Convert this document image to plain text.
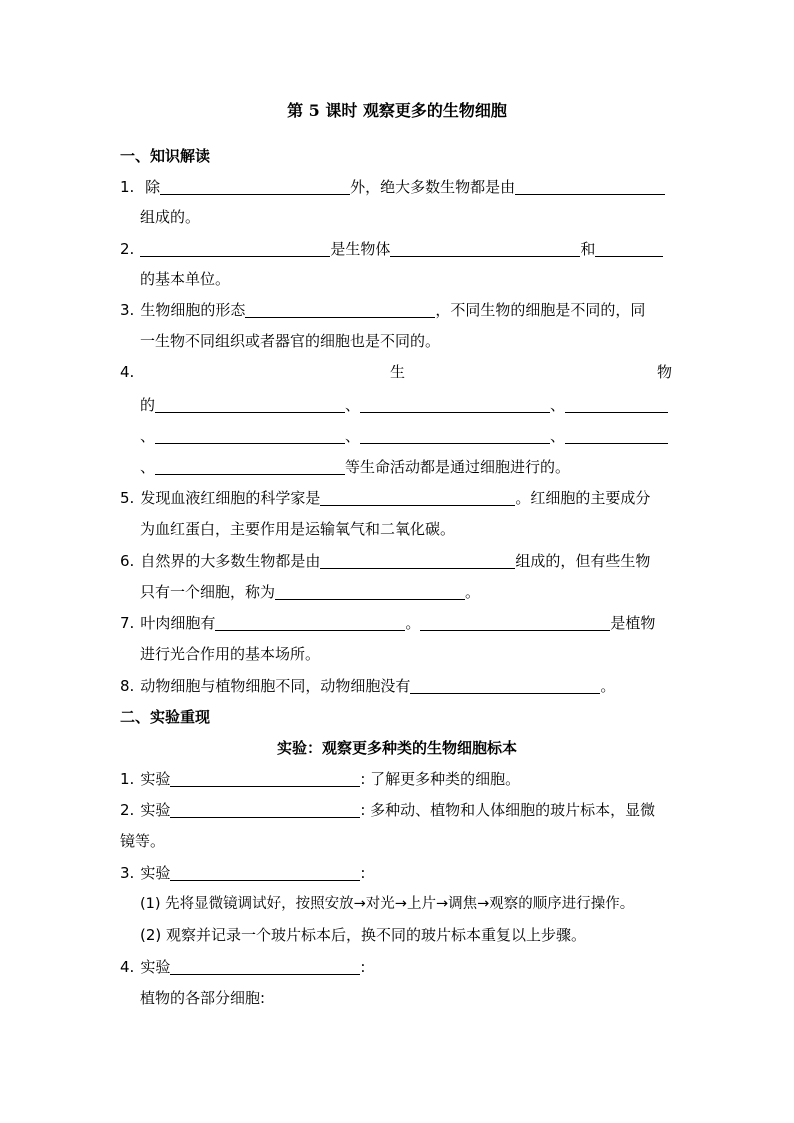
第 5 课时 观察更多的生物细胞
一、知识解读
1. 除	外，绝大多数生物都是由
组成的。
2.	是生物体	和
的基本单位。
3. 生物细胞的形态	，不同生物的细胞是不同的，同
一生物不同组织或者器官的细胞也是不同的。
4.	生	物
的	、	、
、	、	、
、	等生命活动都是通过细胞进行的。
5. 发现血液红细胞的科学家是	。红细胞的主要成分
为血红蛋白，主要作用是运输氧气和二氧化碳。
6. 自然界的大多数生物都是由	组成的，但有些生物
只有一个细胞，称为	。
7. 叶肉细胞有	。	是植物
进行光合作用的基本场所。
8. 动物细胞与植物细胞不同，动物细胞没有	。
二、实验重现
实验：观察更多种类的生物细胞标本
1. 实验	: 了解更多种类的细胞。
2. 实验	: 多种动、植物和人体细胞的玻片标本，显微
镜等。
3. 实验	:
(1) 先将显微镜调试好，按照安放→对光→上片→调焦→观察的顺序进行操作。
(2) 观察并记录一个玻片标本后，换不同的玻片标本重复以上步骤。
4. 实验	:
植物的各部分细胞:
